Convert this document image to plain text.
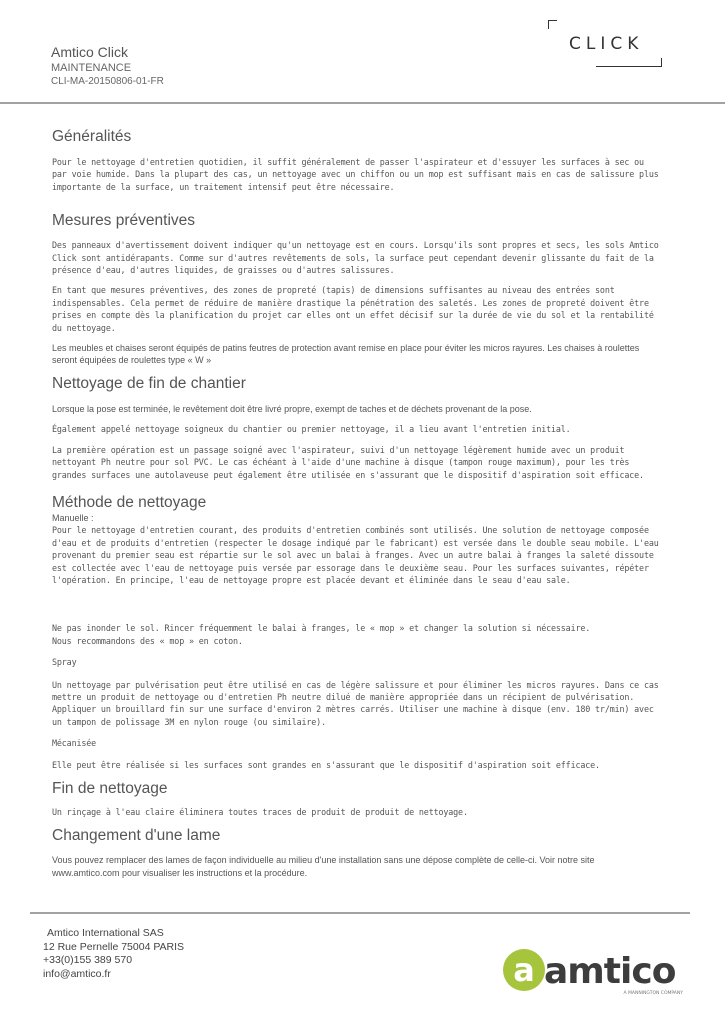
Amtico Click
MAINTENANCE
CLI-MA-20150806-01-FR
CLICK
Généralités

Pour le nettoyage d'entretien quotidien, il suffit généralement de passer l'aspirateur et d'essuyer les surfaces à sec ou par voie humide. Dans la plupart des cas, un nettoyage avec un chiffon ou un mop est suffisant mais en cas de salissure plus importante de la surface, un traitement intensif peut être nécessaire.

Mesures préventives

Des panneaux d'avertissement doivent indiquer qu'un nettoyage est en cours. Lorsqu'ils sont propres et secs, les sols Amtico Click sont antidérapants. Comme sur d'autres revêtements de sols, la surface peut cependant devenir glissante du fait de la présence d'eau, d'autres liquides, de graisses ou d'autres salissures.

En tant que mesures préventives, des zones de propreté (tapis) de dimensions suffisantes au niveau des entrées sont indispensables. Cela permet de réduire de manière drastique la pénétration des saletés. Les zones de propreté doivent être prises en compte dès la planification du projet car elles ont un effet décisif sur la durée de vie du sol et la rentabilité du nettoyage.

Les meubles et chaises seront équipés de patins feutres de protection avant remise en place pour éviter les micros rayures. Les chaises à roulettes seront équipées de roulettes type « W »

Nettoyage de fin de chantier

Lorsque la pose est terminée, le revêtement doit être livré propre, exempt de taches et de déchets provenant de la pose.

Également appelé nettoyage soigneux du chantier ou premier nettoyage, il a lieu avant l'entretien initial.

La première opération est un passage soigné avec l'aspirateur, suivi d'un nettoyage légèrement humide avec un produit nettoyant Ph neutre pour sol PVC. Le cas échéant à l'aide d'une machine à disque (tampon rouge maximum), pour les très grandes surfaces une autolaveuse peut également être utilisée en s'assurant que le dispositif d'aspiration soit efficace.

Méthode de nettoyage

Manuelle :

Pour le nettoyage d'entretien courant, des produits d'entretien combinés sont utilisés. Une solution de nettoyage composée d'eau et de produits d'entretien (respecter le dosage indiqué par le fabricant) est versée dans le double seau mobile. L'eau provenant du premier seau est répartie sur le sol avec un balai à franges. Avec un autre balai à franges la saleté dissoute est collectée avec l'eau de nettoyage puis versée par essorage dans le deuxième seau. Pour les surfaces suivantes, répéter l'opération. En principe, l'eau de nettoyage propre est placée devant et éliminée dans le seau d'eau sale.

Ne pas inonder le sol. Rincer fréquemment le balai à franges, le « mop » et changer la solution si nécessaire.

Nous recommandons des « mop » en coton.

Spray

Un nettoyage par pulvérisation peut être utilisé en cas de légère salissure et pour éliminer les micros rayures. Dans ce cas mettre un produit de nettoyage ou d'entretien Ph neutre dilué de manière appropriée dans un récipient de pulvérisation. Appliquer un brouillard fin sur une surface d'environ 2 mètres carrés. Utiliser une machine à disque (env. 180 tr/min) avec un tampon de polissage 3M en nylon rouge (ou similaire).

Mécanisée

Elle peut être réalisée si les surfaces sont grandes en s'assurant que le dispositif d'aspiration soit efficace.

Fin de nettoyage

Un rinçage à l'eau claire éliminera toutes traces de produit de produit de nettoyage.

Changement d'une lame

Vous pouvez remplacer des lames de façon individuelle au milieu d'une installation sans une dépose complète de celle-ci. Voir notre site www.amtico.com pour visualiser les instructions et la procédure.

Amtico International SAS
12 Rue Pernelle 75004 PARIS
+33(0)155 389 570
info@amtico.fr	a amtico
A MANNINGTON COMPANY
